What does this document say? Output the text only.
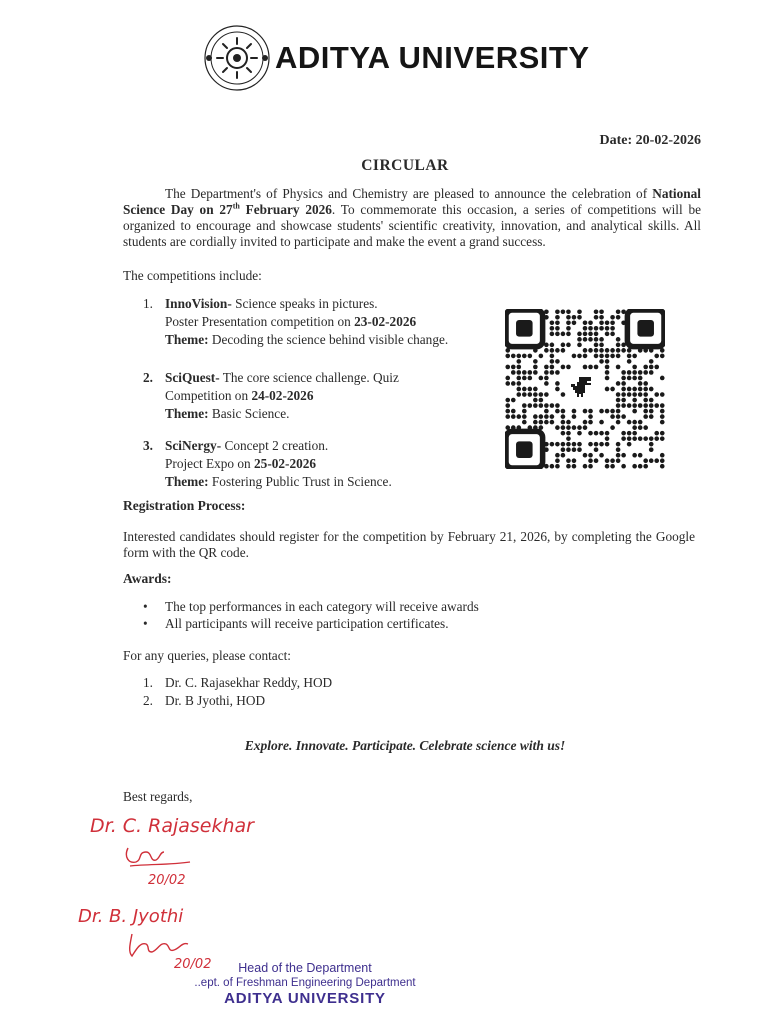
ADITYA UNIVERSITY
Date: 20-02-2026
CIRCULAR
The Department's of Physics and Chemistry are pleased to announce the celebration of National Science Day on 27th February 2026. To commemorate this occasion, a series of competitions will be organized to encourage and showcase students' scientific creativity, innovation, and analytical skills. All students are cordially invited to participate and make the event a grand success.
The competitions include:
1. InnoVision- Science speaks in pictures.
Poster Presentation competition on 23-02-2026
Theme: Decoding the science behind visible change.
2. SciQuest- The core science challenge. Quiz
Competition on 24-02-2026
Theme: Basic Science.
3. SciNergy- Concept 2 creation.
Project Expo on 25-02-2026
Theme: Fostering Public Trust in Science.
Registration Process:
Interested candidates should register for the competition by February 21, 2026, by completing the Google form with the QR code.
Awards:
• The top performances in each category will receive awards
• All participants will receive participation certificates.
For any queries, please contact:
1. Dr. C. Rajasekhar Reddy, HOD
2. Dr. B Jyothi, HOD
Explore. Innovate. Participate. Celebrate science with us!
Best regards,
Dr. C. Rajasekhar
20/02
Dr. B. Jyothi
20/02	Head of the Department
..ept. of Freshman Engineering Department
ADITYA UNIVERSITY
